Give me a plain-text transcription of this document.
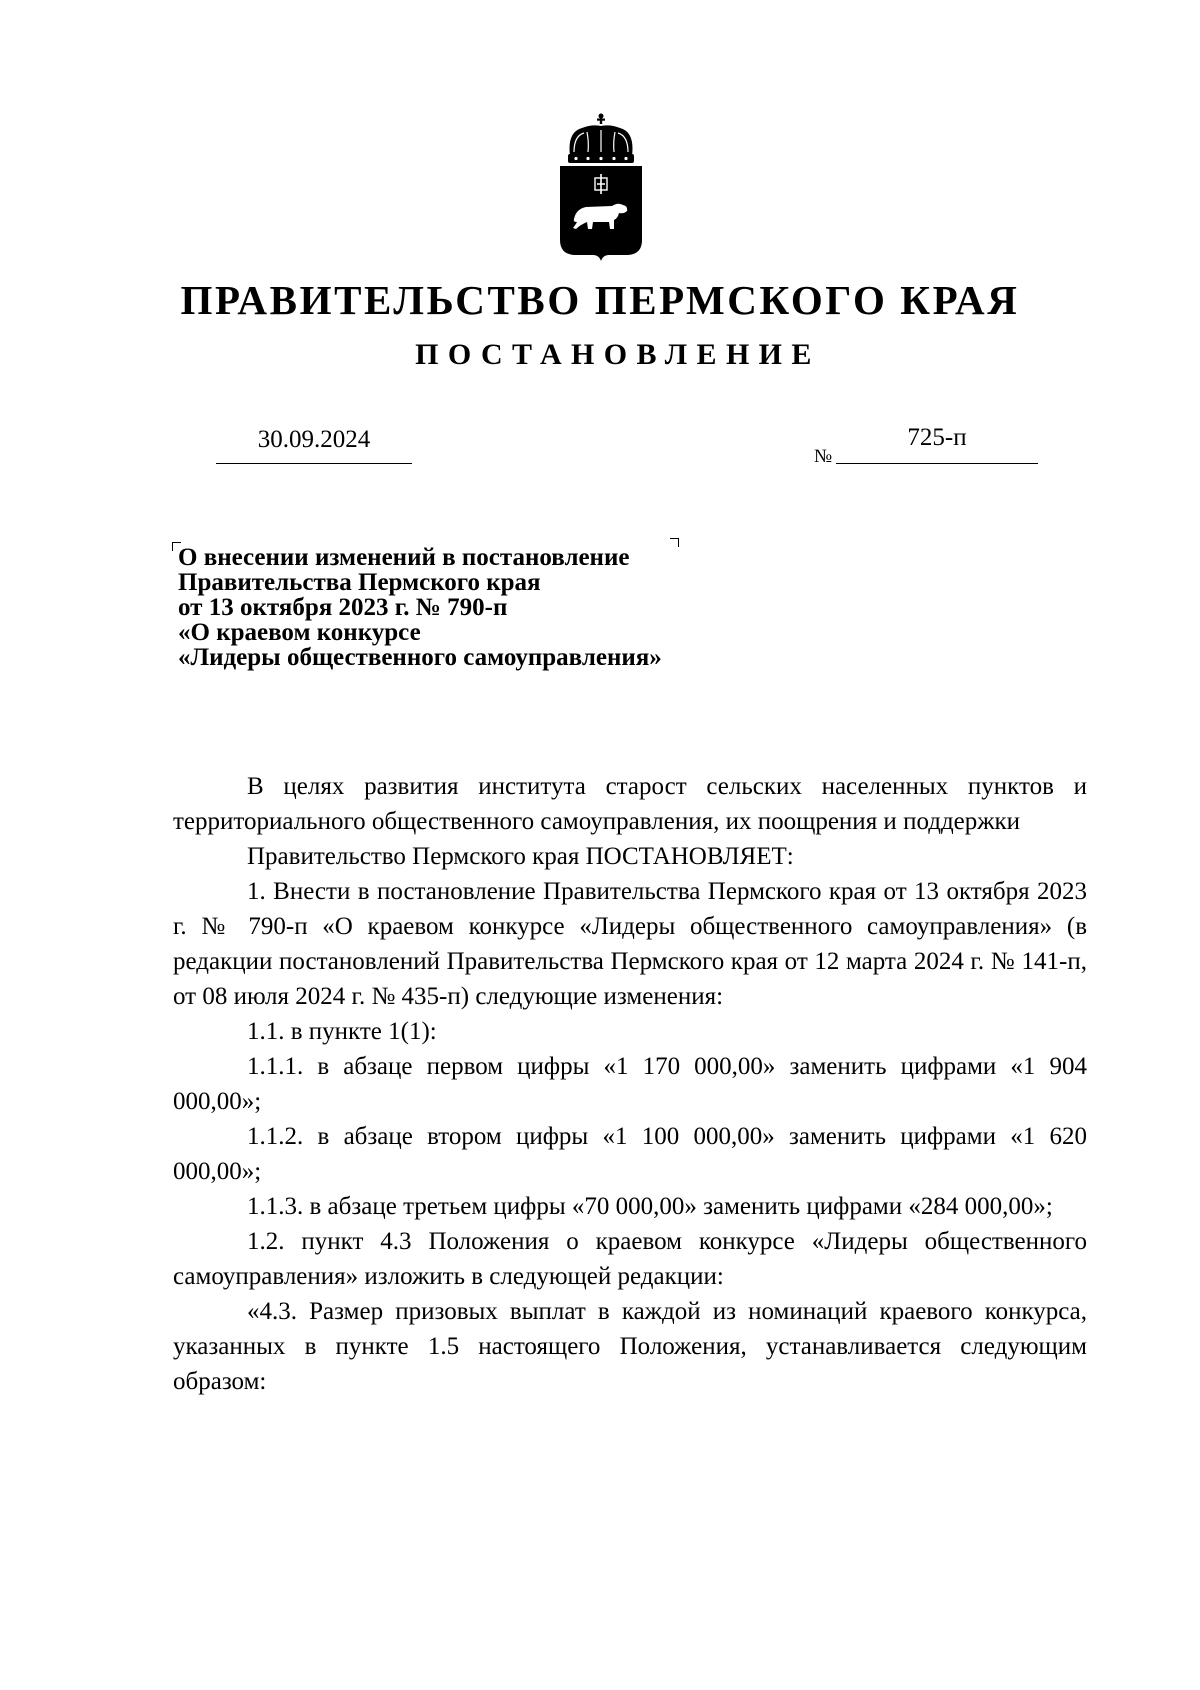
ПРАВИТЕЛЬСТВО ПЕРМСКОГО КРАЯ
ПОСТАНОВЛЕНИЕ
30.09.2024
№
725-п
О внесении изменений в постановление
Правительства Пермского края
от 13 октября 2023 г. № 790-п
«О краевом конкурсе
«Лидеры общественного самоуправления»

В целях развития института старост сельских населенных пунктов и территориального общественного самоуправления, их поощрения и поддержки

Правительство Пермского края ПОСТАНОВЛЯЕТ:

1. Внести в постановление Правительства Пермского края от 13 октября 2023 г. № 790-п «О краевом конкурсе «Лидеры общественного самоуправления» (в редакции постановлений Правительства Пермского края от 12 марта 2024 г. № 141-п, от 08 июля 2024 г. № 435-п) следующие изменения:

1.1. в пункте 1(1):

1.1.1. в абзаце первом цифры «1 170 000,00» заменить цифрами «1 904 000,00»;

1.1.2. в абзаце втором цифры «1 100 000,00» заменить цифрами «1 620 000,00»;

1.1.3. в абзаце третьем цифры «70 000,00» заменить цифрами «284 000,00»;

1.2. пункт 4.3 Положения о краевом конкурсе «Лидеры общественного самоуправления» изложить в следующей редакции:

«4.3. Размер призовых выплат в каждой из номинаций краевого конкурса, указанных в пункте 1.5 настоящего Положения, устанавливается следующим образом:
